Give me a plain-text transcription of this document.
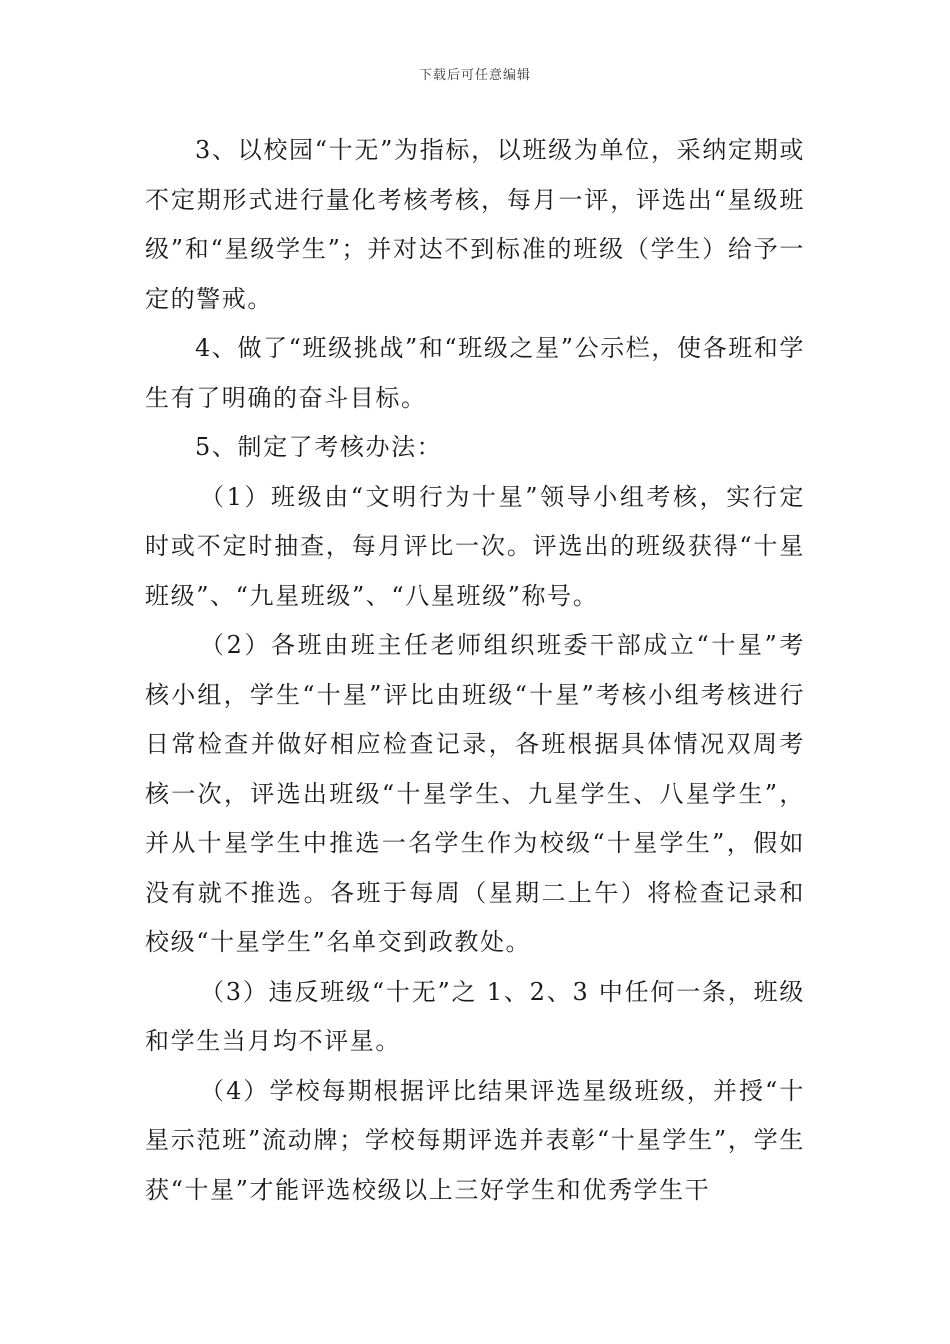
下载后可任意编辑

3、以校园“十无”为指标，以班级为单位，采纳定期或不定期形式进行量化考核考核，每月一评，评选出“星级班级”和“星级学生”；并对达不到标准的班级（学生）给予一定的警戒。

4、做了“班级挑战”和“班级之星”公示栏，使各班和学生有了明确的奋斗目标。

5、制定了考核办法：

（1）班级由“文明行为十星”领导小组考核，实行定时或不定时抽查，每月评比一次。评选出的班级获得“十星班级”、“九星班级”、“八星班级”称号。

（2）各班由班主任老师组织班委干部成立“十星”考核小组，学生“十星”评比由班级“十星”考核小组考核进行日常检查并做好相应检查记录，各班根据具体情况双周考核一次，评选出班级“十星学生、九星学生、八星学生”，并从十星学生中推选一名学生作为校级“十星学生”，假如没有就不推选。各班于每周（星期二上午）将检查记录和校级“十星学生”名单交到政教处。

（3）违反班级“十无”之 1、2、3 中任何一条，班级和学生当月均不评星。

（4）学校每期根据评比结果评选星级班级，并授“十星示范班”流动牌；学校每期评选并表彰“十星学生”，学生获“十星”才能评选校级以上三好学生和优秀学生干
